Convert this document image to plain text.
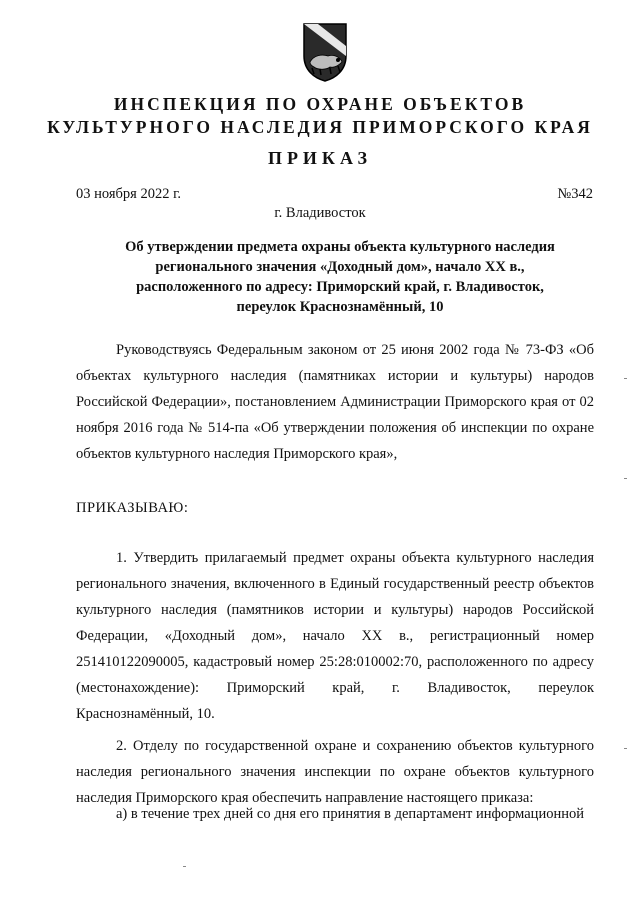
ИНСПЕКЦИЯ ПО ОХРАНЕ ОБЪЕКТОВ
КУЛЬТУРНОГО НАСЛЕДИЯ ПРИМОРСКОГО КРАЯ
ПРИКАЗ
03 ноября 2022 г.	№342
г. Владивосток
Об утверждении предмета охраны объекта культурного наследия регионального значения «Доходный дом», начало XX в., расположенного по адресу: Приморский край, г. Владивосток, переулок Краснознамённый, 10
Руководствуясь Федеральным законом от 25 июня 2002 года № 73-ФЗ «Об объектах культурного наследия (памятниках истории и культуры) народов Российской Федерации», постановлением Администрации Приморского края от 02 ноября 2016 года № 514-па «Об утверждении положения об инспекции по охране объектов культурного наследия Приморского края»,
ПРИКАЗЫВАЮ:
1. Утвердить прилагаемый предмет охраны объекта культурного наследия регионального значения, включенного в Единый государственный реестр объектов культурного наследия (памятников истории и культуры) народов Российской Федерации, «Доходный дом», начало XX в., регистрационный номер 251410122090005, кадастровый номер 25:28:010002:70, расположенного по адресу (местонахождение): Приморский край, г. Владивосток, переулок Краснознамённый, 10.
2. Отделу по государственной охране и сохранению объектов культурного наследия регионального значения инспекции по охране объектов культурного наследия Приморского края обеспечить направление настоящего приказа:
а) в течение трех дней со дня его принятия в департамент информационной
